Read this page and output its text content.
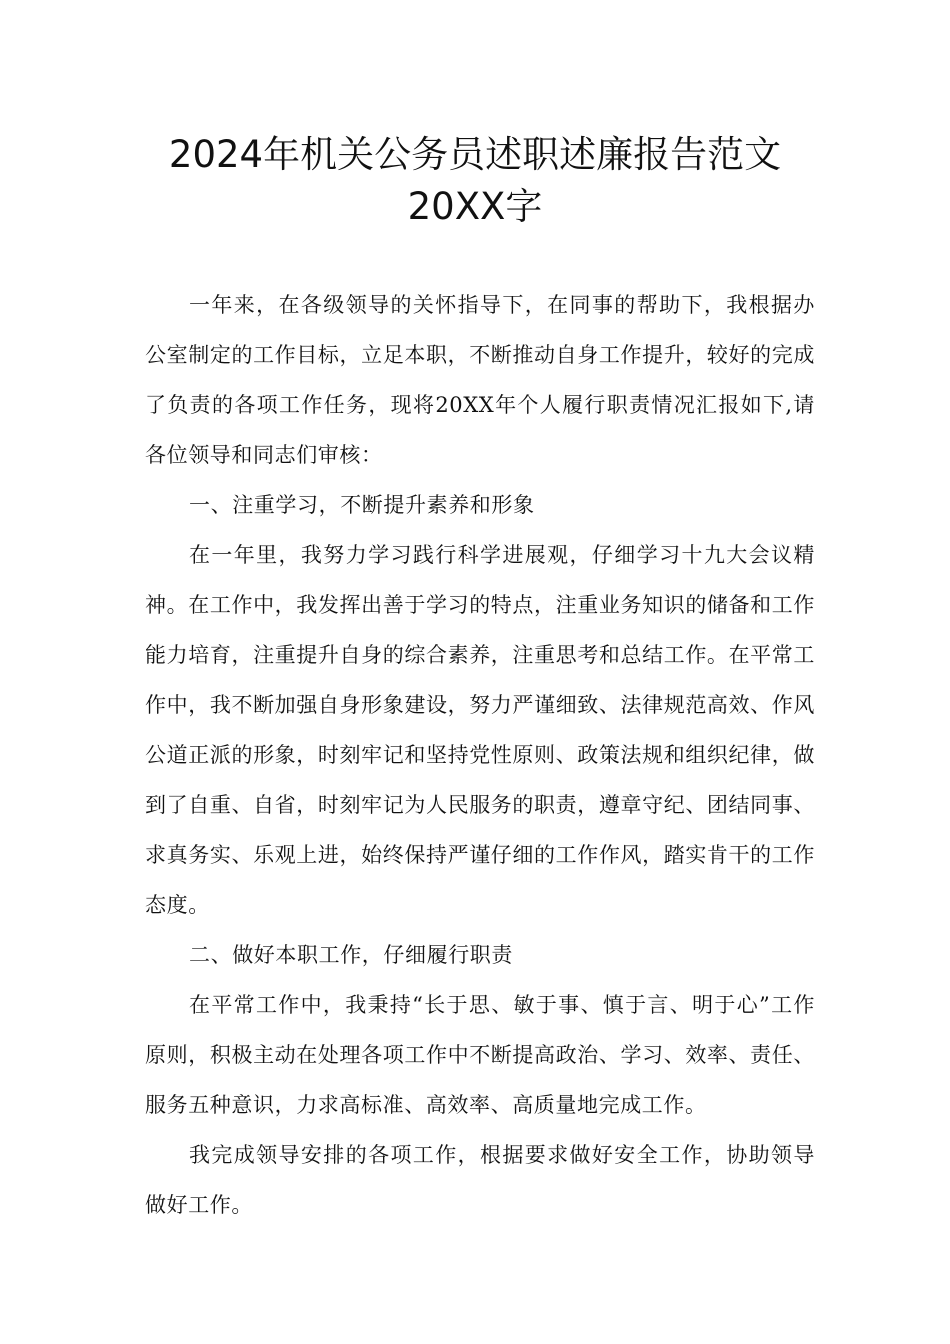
2024年机关公务员述职述廉报告范文
20XX字

一年来，在各级领导的关怀指导下，在同事的帮助下，我根据办公室制定的工作目标，立足本职，不断推动自身工作提升，较好的完成了负责的各项工作任务，现将20XX年个人履行职责情况汇报如下,请各位领导和同志们审核：

一、注重学习，不断提升素养和形象

在一年里，我努力学习践行科学进展观，仔细学习十九大会议精神。在工作中，我发挥出善于学习的特点，注重业务知识的储备和工作能力培育，注重提升自身的综合素养，注重思考和总结工作。在平常工作中，我不断加强自身形象建设，努力严谨细致、法律规范高效、作风公道正派的形象，时刻牢记和坚持党性原则、政策法规和组织纪律，做到了自重、自省，时刻牢记为人民服务的职责，遵章守纪、团结同事、求真务实、乐观上进，始终保持严谨仔细的工作作风，踏实肯干的工作态度。

二、做好本职工作，仔细履行职责

在平常工作中，我秉持“长于思、敏于事、慎于言、明于心”工作原则，积极主动在处理各项工作中不断提高政治、学习、效率、责任、服务五种意识，力求高标准、高效率、高质量地完成工作。

我完成领导安排的各项工作，根据要求做好安全工作，协助领导做好工作。
